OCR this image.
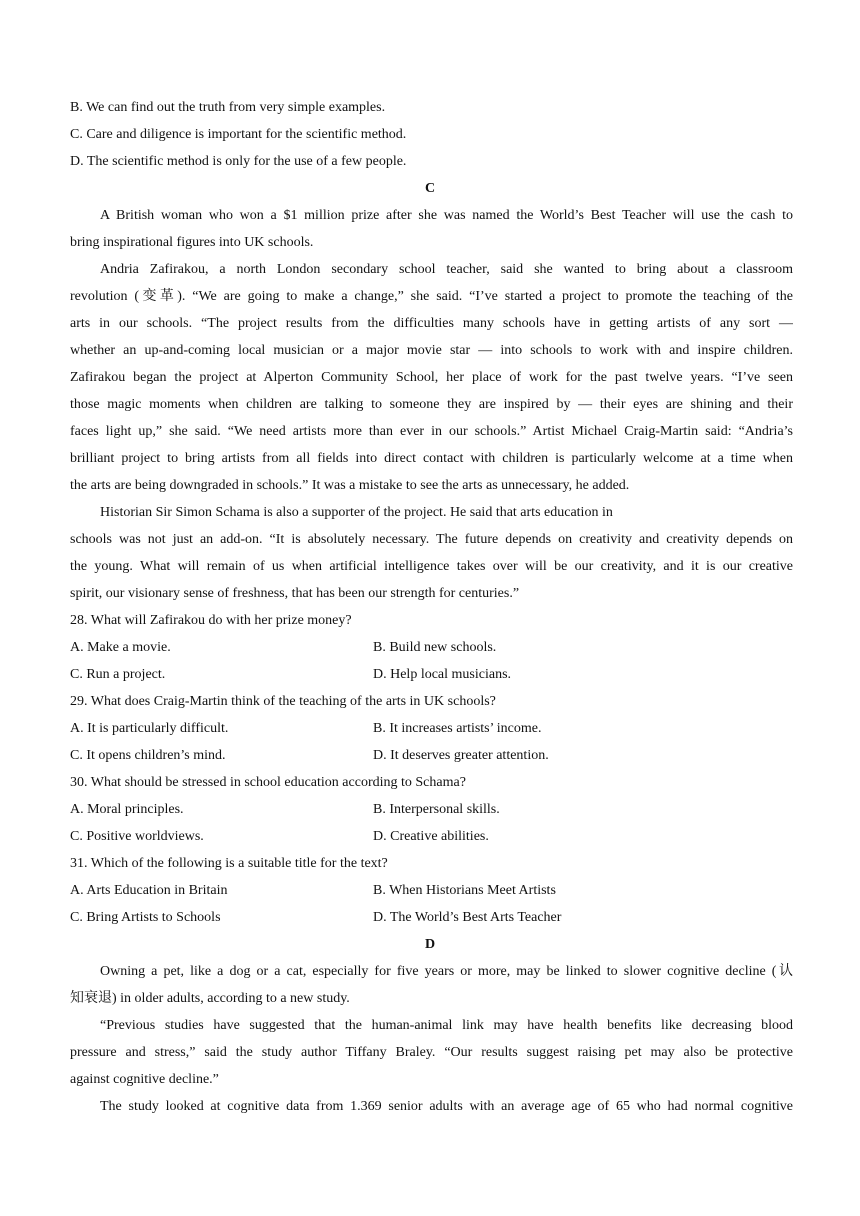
B. We can find out the truth from very simple examples.
C. Care and diligence is important for the scientific method.
D. The scientific method is only for the use of a few people.
C
A British woman who won a $1 million prize after she was named the World’s Best Teacher will use the cash to
bring inspirational figures into UK schools.
Andria Zafirakou, a north London secondary school teacher, said she wanted to bring about a classroom
revolution (变革). “We are going to make a change,” she said. “I’ve started a project to promote the teaching of the
arts in our schools. “The project results from the difficulties many schools have in getting artists of any sort —
whether an up-and-coming local musician or a major movie star — into schools to work with and inspire children.
Zafirakou began the project at Alperton Community School, her place of work for the past twelve years. “I’ve seen
those magic moments when children are talking to someone they are inspired by — their eyes are shining and their
faces light up,” she said. “We need artists more than ever in our schools.” Artist Michael Craig-Martin said: “Andria’s
brilliant project to bring artists from all fields into direct contact with children is particularly welcome at a time when
the arts are being downgraded in schools.” It was a mistake to see the arts as unnecessary, he added.
Historian Sir Simon Schama is also a supporter of the project. He said that arts education in
schools was not just an add-on. “It is absolutely necessary. The future depends on creativity and creativity depends on
the young. What will remain of us when artificial intelligence takes over will be our creativity, and it is our creative
spirit, our visionary sense of freshness, that has been our strength for centuries.”
28. What will Zafirakou do with her prize money?
A. Make a movie.	B. Build new schools.
C. Run a project.	D. Help local musicians.
29. What does Craig-Martin think of the teaching of the arts in UK schools?
A. It is particularly difficult.	B. It increases artists’ income.
C. It opens children’s mind.	D. It deserves greater attention.
30. What should be stressed in school education according to Schama?
A. Moral principles.	B. Interpersonal skills.
C. Positive worldviews.	D. Creative abilities.
31. Which of the following is a suitable title for the text?
A. Arts Education in Britain	B. When Historians Meet Artists
C. Bring Artists to Schools	D. The World’s Best Arts Teacher
D
Owning a pet, like a dog or a cat, especially for five years or more, may be linked to slower cognitive decline (认
知衰退) in older adults, according to a new study.
“Previous studies have suggested that the human-animal link may have health benefits like decreasing blood
pressure and stress,” said the study author Tiffany Braley. “Our results suggest raising pet may also be protective
against cognitive decline.”
The study looked at cognitive data from 1.369 senior adults with an average age of 65 who had normal cognitive
